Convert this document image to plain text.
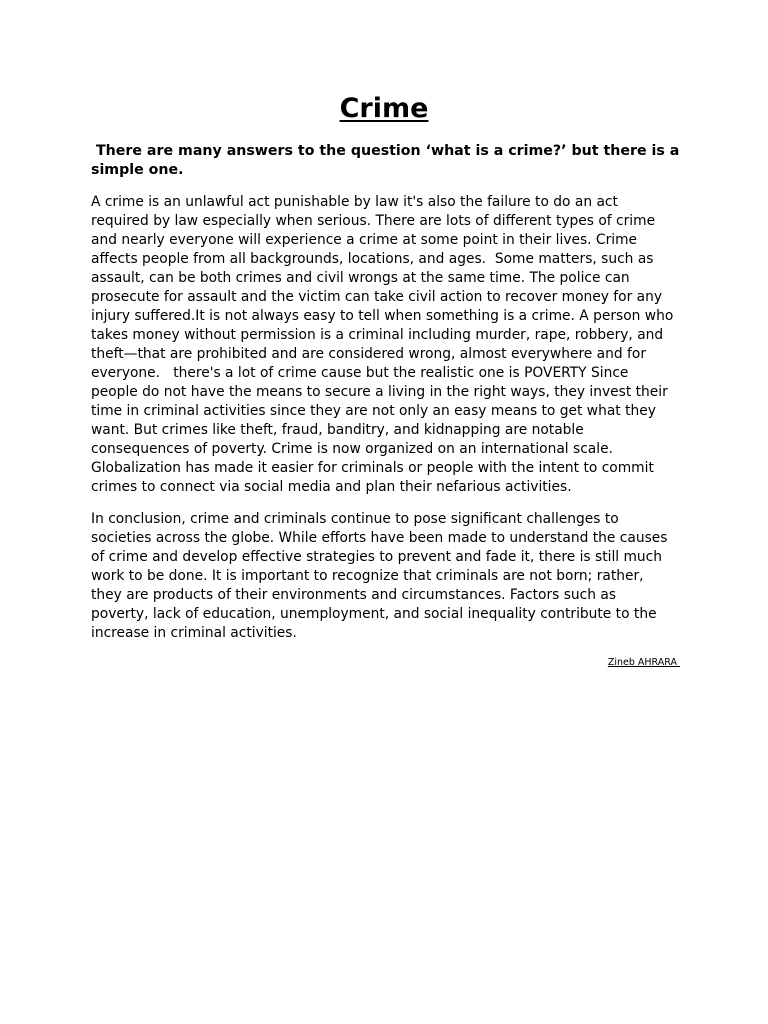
Crime

There are many answers to the question ‘what is a crime?’ but there is a
simple one.

A crime is an unlawful act punishable by law it's also the failure to do an act
required by law especially when serious. There are lots of different types of crime
and nearly everyone will experience a crime at some point in their lives. Crime
affects people from all backgrounds, locations, and ages.  Some matters, such as
assault, can be both crimes and civil wrongs at the same time. The police can
prosecute for assault and the victim can take civil action to recover money for any
injury suffered.It is not always easy to tell when something is a crime. A person who
takes money without permission is a criminal including murder, rape, robbery, and
theft—that are prohibited and are considered wrong, almost everywhere and for
everyone.   there's a lot of crime cause but the realistic one is POVERTY Since
people do not have the means to secure a living in the right ways, they invest their
time in criminal activities since they are not only an easy means to get what they
want. But crimes like theft, fraud, banditry, and kidnapping are notable
consequences of poverty. Crime is now organized on an international scale.
Globalization has made it easier for criminals or people with the intent to commit
crimes to connect via social media and plan their nefarious activities.

In conclusion, crime and criminals continue to pose significant challenges to
societies across the globe. While efforts have been made to understand the causes
of crime and develop effective strategies to prevent and fade it, there is still much
work to be done. It is important to recognize that criminals are not born; rather,
they are products of their environments and circumstances. Factors such as
poverty, lack of education, unemployment, and social inequality contribute to the
increase in criminal activities.

Zineb AHRARA
